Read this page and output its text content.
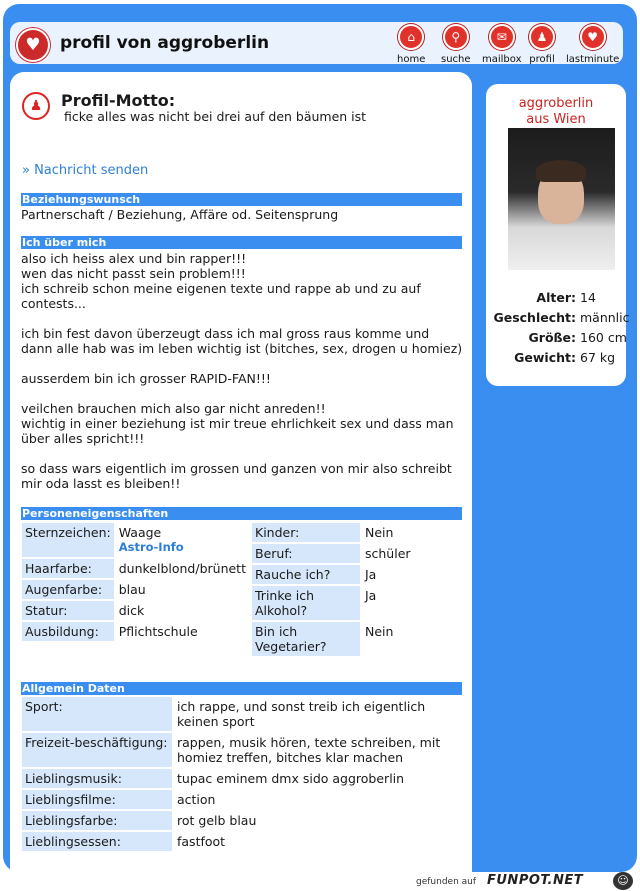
♥	profil von aggroberlin	⌂
home
⚲
suche
✉
mailbox
♟
profil
♥
lastminute
♟	Profil-Motto:
ficke alles was nicht bei drei auf den bäumen ist
» Nachricht senden
Beziehungswunsch
Partnerschaft / Beziehung, Affäre od. Seitensprung
Ich über mich
also ich heiss alex und bin rapper!!!
wen das nicht passt sein problem!!!
ich schreib schon meine eigenen texte und rappe ab und zu auf contests...

ich bin fest davon überzeugt dass ich mal gross raus komme und dann alle hab was im leben wichtig ist (bitches, sex, drogen u homiez)

ausserdem bin ich grosser RAPID-FAN!!!

veilchen brauchen mich also gar nicht anreden!!
wichtig in einer beziehung ist mir treue ehrlichkeit sex und dass man über alles spricht!!!

so dass wars eigentlich im grossen und ganzen von mir also schreibt mir oda lasst es bleiben!!
Personeneigenschaften
Sternzeichen:	Waage
Astro-Info

Haarfarbe:	dunkelblond/brünett
Augenfarbe:	blau
Statur:	dick
Ausbildung:	Pflichtschule
Kinder:	Nein
Beruf:	schüler
Rauche ich?	Ja
Trinke ich Alkohol?	Ja
Bin ich Vegetarier?	Nein
Allgemein Daten
Sport:	ich rappe, und sonst treib ich eigentlich keinen sport
Freizeit-beschäftigung:	rappen, musik hören, texte schreiben, mit homiez treffen, bitches klar machen
Lieblingsmusik:	tupac eminem dmx sido aggroberlin
Lieblingsfilme:	action
Lieblingsfarbe:	rot gelb blau
Lieblingsessen:	fastfoot
aggroberlin
aus Wien
Alter: 14
Geschlecht: männlic
Größe: 160 cm
Gewicht: 67 kg
gefunden auf FUNPOT.NET	☺
